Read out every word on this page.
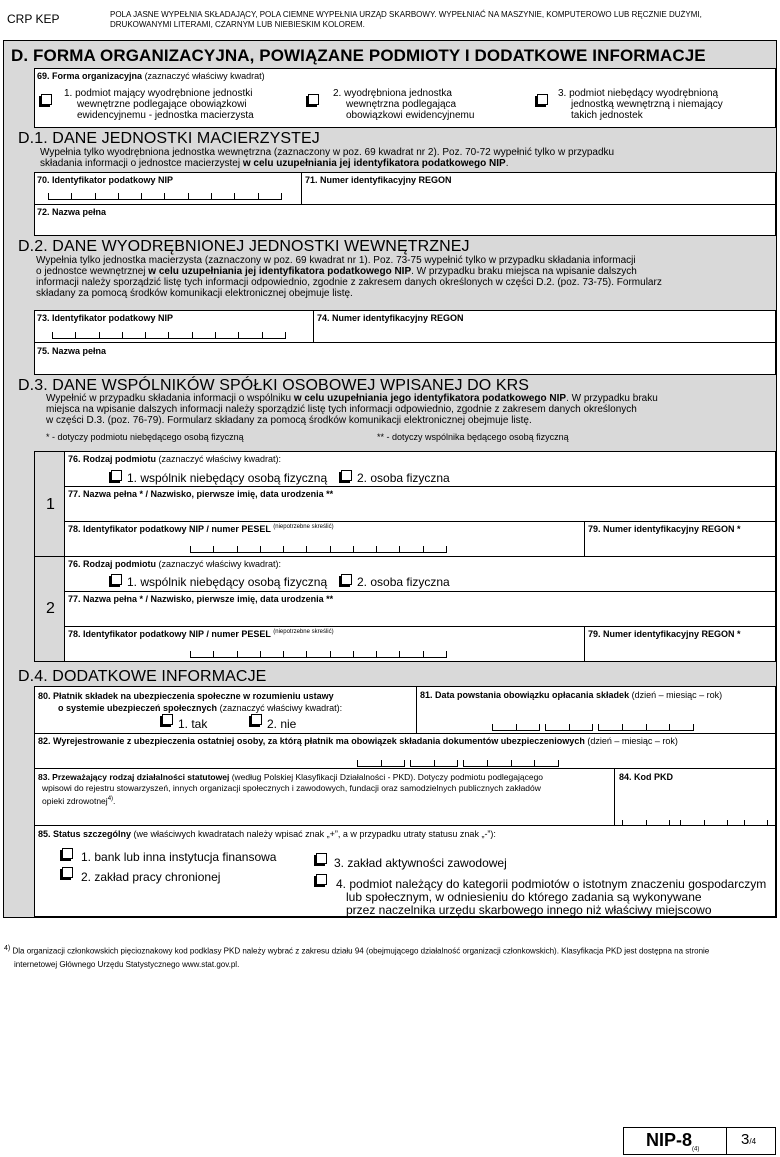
CRP KEP	POLA JASNE WYPEŁNIA SKŁADAJĄCY, POLA CIEMNE WYPEŁNIA URZĄD SKARBOWY. WYPEŁNIAĆ NA MASZYNIE, KOMPUTEROWO LUB RĘCZNIE DUŻYMI,
DRUKOWANYMI LITERAMI, CZARNYM LUB NIEBIESKIM KOLOREM.
D. FORMA ORGANIZACYJNA, POWIĄZANE PODMIOTY I DODATKOWE INFORMACJE
69. Forma organizacyjna (zaznaczyć właściwy kwadrat)
1. podmiot mający wyodrębnione jednostki
wewnętrzne podlegające obowiązkowi
ewidencyjnemu - jednostka macierzysta
2. wyodrębniona jednostka
wewnętrzna podlegająca
obowiązkowi ewidencyjnemu
3. podmiot niebędący wyodrębnioną
jednostką wewnętrzną i niemający
takich jednostek
D.1. DANE JEDNOSTKI MACIERZYSTEJ
Wypełnia tylko wyodrębniona jednostka wewnętrzna (zaznaczony w poz. 69 kwadrat nr 2). Poz. 70-72 wypełnić tylko w przypadku
składania informacji o jednostce macierzystej w celu uzupełniania jej identyfikatora podatkowego NIP.
70. Identyfikator podatkowy NIP	71. Numer identyfikacyjny REGON
72. Nazwa pełna
D.2. DANE WYODRĘBNIONEJ JEDNOSTKI WEWNĘTRZNEJ
Wypełnia tylko jednostka macierzysta (zaznaczony w poz. 69 kwadrat nr 1). Poz. 73-75 wypełnić tylko w przypadku składania informacji
o jednostce wewnętrznej w celu uzupełniania jej identyfikatora podatkowego NIP. W przypadku braku miejsca na wpisanie dalszych
informacji należy sporządzić listę tych informacji odpowiednio, zgodnie z zakresem danych określonych w części D.2. (poz. 73-75). Formularz
składany za pomocą środków komunikacji elektronicznej obejmuje listę.
73. Identyfikator podatkowy NIP	74. Numer identyfikacyjny REGON
75. Nazwa pełna
D.3. DANE WSPÓLNIKÓW SPÓŁKI OSOBOWEJ WPISANEJ DO KRS
Wypełnić w przypadku składania informacji o wspólniku w celu uzupełniania jego identyfikatora podatkowego NIP. W przypadku braku
miejsca na wpisanie dalszych informacji należy sporządzić listę tych informacji odpowiednio, zgodnie z zakresem danych określonych
w części D.3. (poz. 76-79). Formularz składany za pomocą środków komunikacji elektronicznej obejmuje listę.
* - dotyczy podmiotu niebędącego osobą fizyczną	** - dotyczy wspólnika będącego osobą fizyczną
1
76. Rodzaj podmiotu (zaznaczyć właściwy kwadrat):
1. wspólnik niebędący osobą fizyczną 2. osoba fizyczna
77. Nazwa pełna * / Nazwisko, pierwsze imię, data urodzenia **
78. Identyfikator podatkowy NIP / numer PESEL $^{(niepotrzebne skreślić)}$	79. Numer identyfikacyjny REGON *
2
76. Rodzaj podmiotu (zaznaczyć właściwy kwadrat):
1. wspólnik niebędący osobą fizyczną 2. osoba fizyczna
77. Nazwa pełna * / Nazwisko, pierwsze imię, data urodzenia **
78. Identyfikator podatkowy NIP / numer PESEL $^{(niepotrzebne skreślić)}$	79. Numer identyfikacyjny REGON *
D.4. DODATKOWE INFORMACJE
80. Płatnik składek na ubezpieczenia społeczne w rozumieniu ustawy
o systemie ubezpieczeń społecznych (zaznaczyć właściwy kwadrat):
1. tak	2. nie
81. Data powstania obowiązku opłacania składek (dzień – miesiąc – rok)
82. Wyrejestrowanie z ubezpieczenia ostatniej osoby, za którą płatnik ma obowiązek składania dokumentów ubezpieczeniowych (dzień – miesiąc – rok)
83. Przeważający rodzaj działalności statutowej (według Polskiej Klasyfikacji Działalności - PKD). Dotyczy podmiotu podlegającego
wpisowi do rejestru stowarzyszeń, innych organizacji społecznych i zawodowych, fundacji oraz samodzielnych publicznych zakładów
opieki zdrowotnej$^{4)}$.
84. Kod PKD
85. Status szczególny (we właściwych kwadratach należy wpisać znak „+”, a w przypadku utraty statusu znak „-”):
1. bank lub inna instytucja finansowa
2. zakład pracy chronionej
3. zakład aktywności zawodowej
4. podmiot należący do kategorii podmiotów o istotnym znaczeniu gospodarczym
lub społecznym, w odniesieniu do którego zadania są wykonywane
przez naczelnika urzędu skarbowego innego niż właściwy miejscowo
$^{4)}$ Dla organizacji członkowskich pięcioznakowy kod podklasy PKD należy wybrać z zakresu działu 94 (obejmującego działalność organizacji członkowskich). Klasyfikacja PKD jest dostępna na stronie
internetowej Głównego Urzędu Statystycznego www.stat.gov.pl.
NIP-$8_{(4)}$
3/4
